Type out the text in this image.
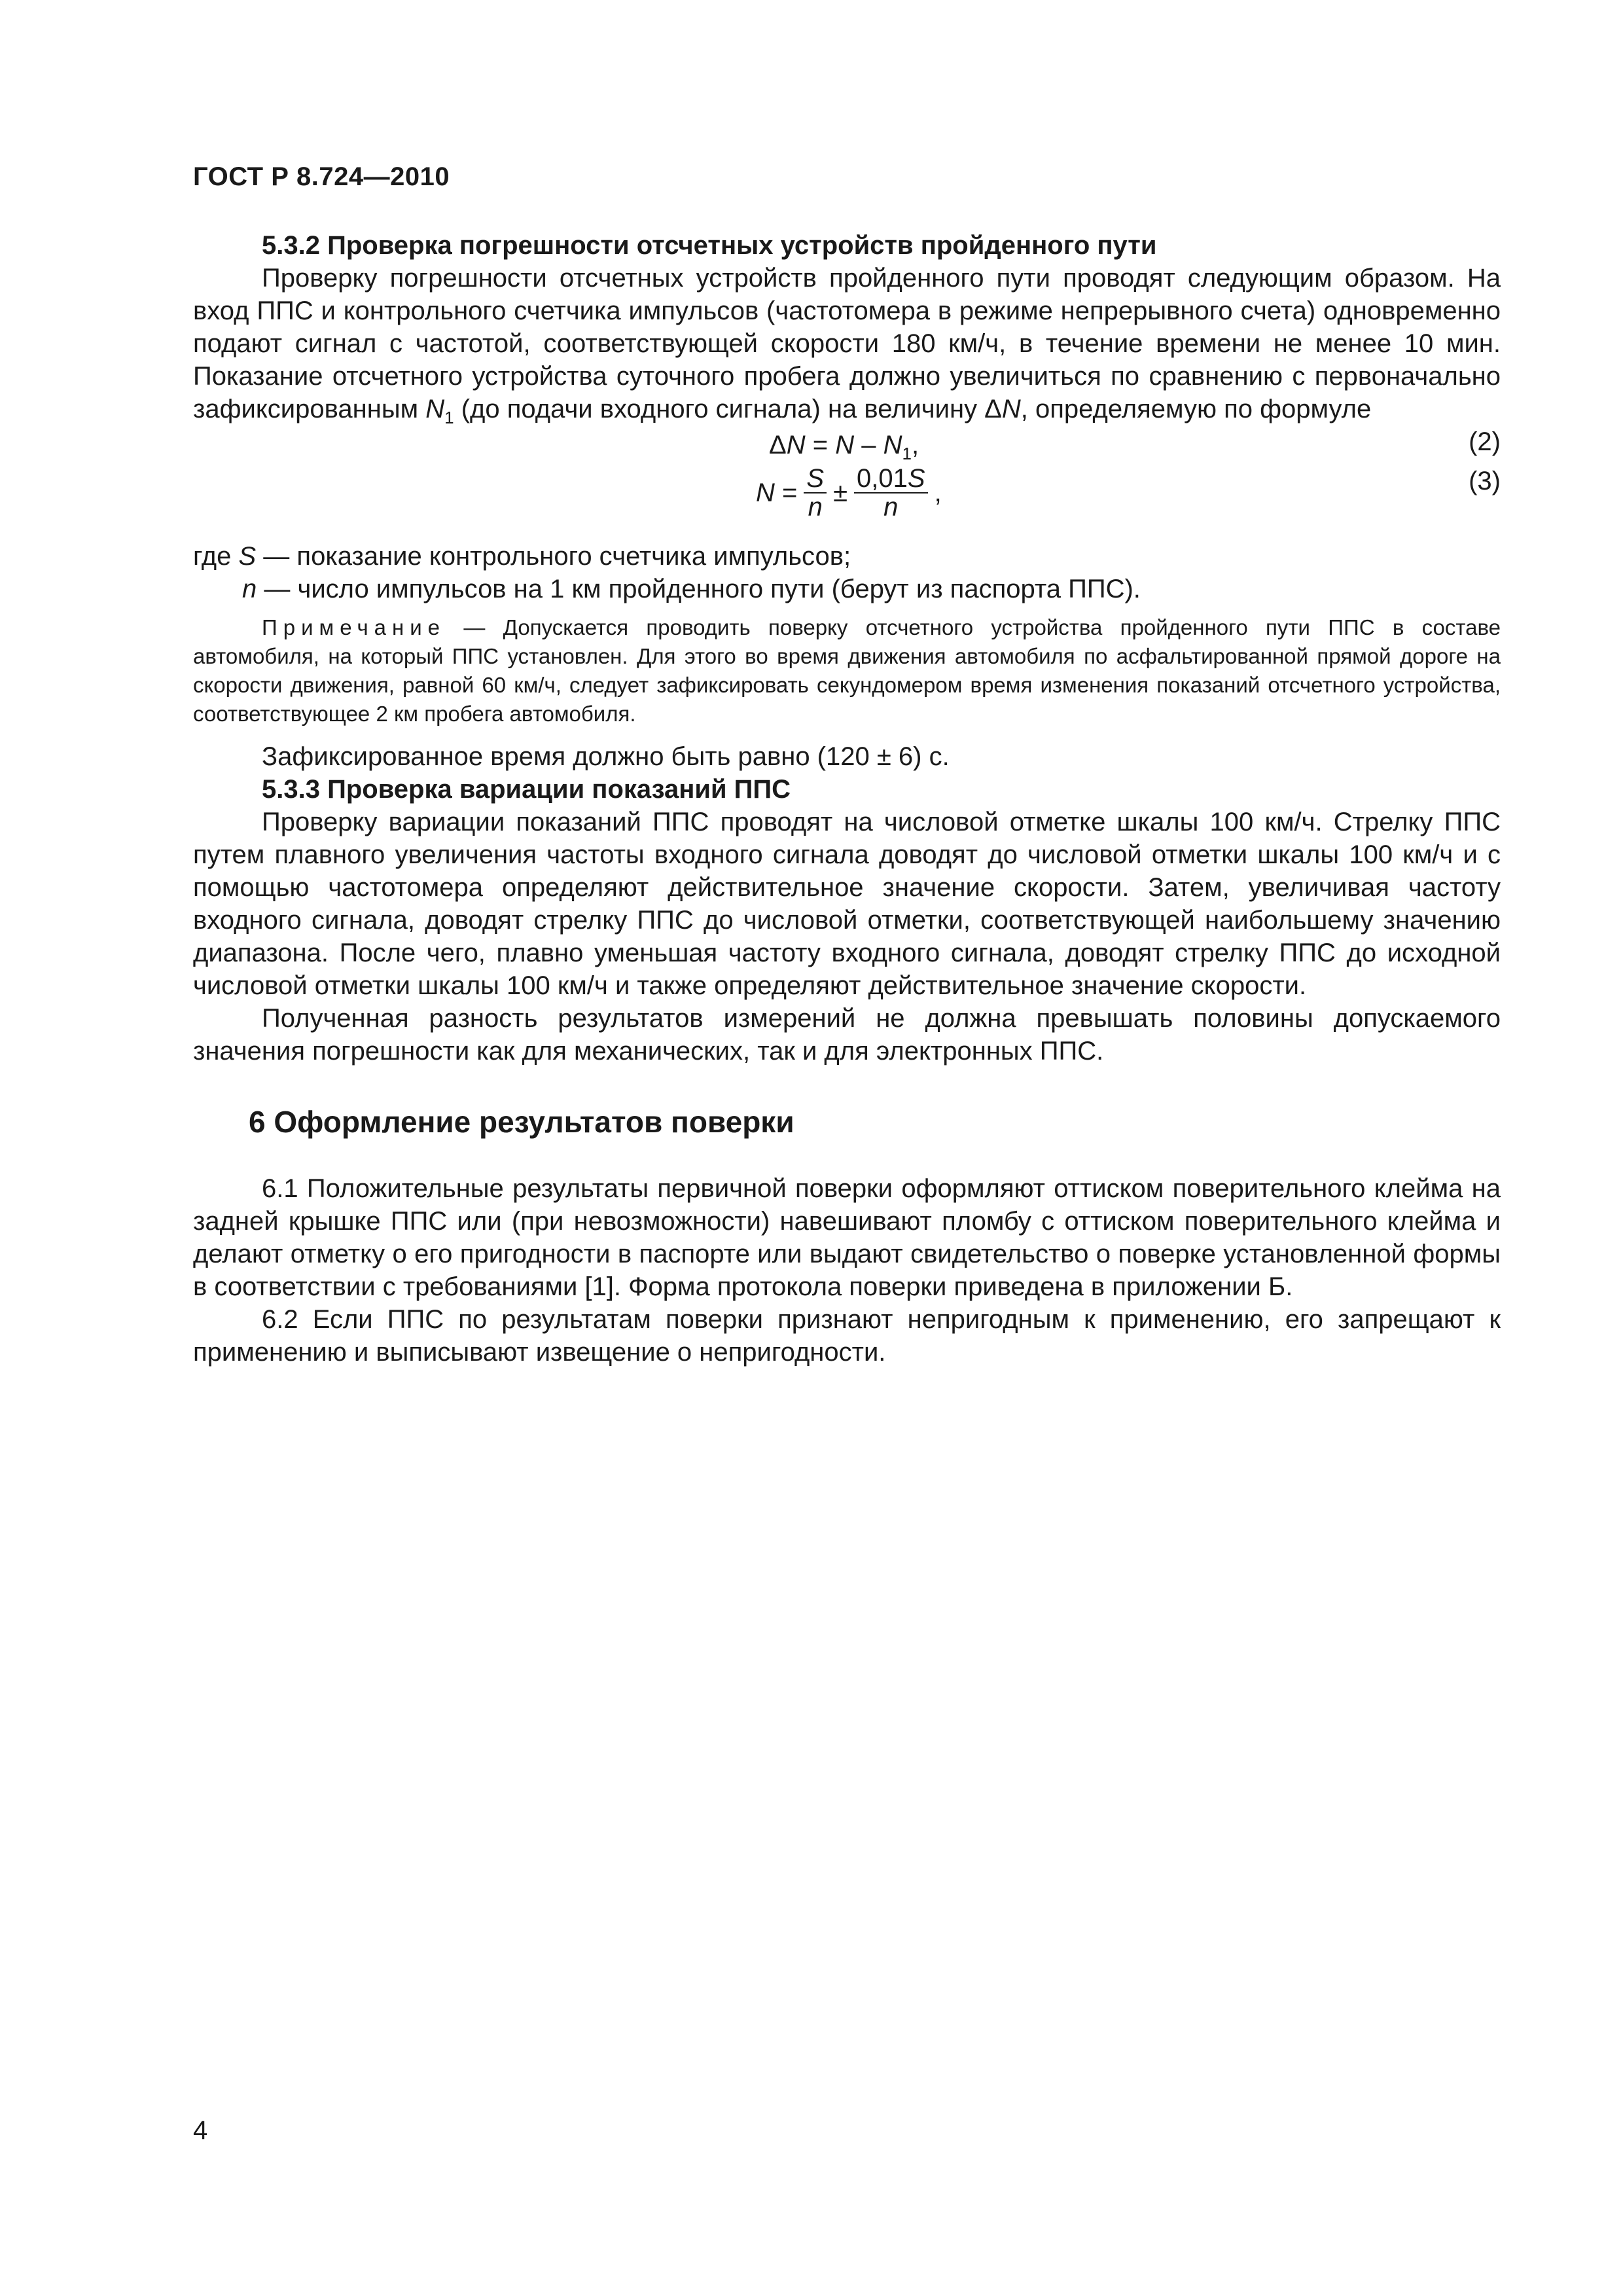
ГОСТ Р 8.724—2010

5.3.2 Проверка погрешности отсчетных устройств пройденного пути

Проверку погрешности отсчетных устройств пройденного пути проводят следующим образом. На вход ППС и контрольного счетчика импульсов (частотомера в режиме непрерывного счета) одновременно подают сигнал с частотой, соответствующей скорости 180 км/ч, в течение времени не менее 10 мин. Показание отсчетного устройства суточного пробега должно увеличиться по сравнению с первоначально зафиксированным $N_1$ (до подачи входного сигнала) на величину ΔN, определяемую по формуле

$\Delta N = N - N_1$,	(2)
$N = \frac{S}{n} \pm \frac{0,01S}{n}$ ,	(3)

где S — показание контрольного счетчика импульсов;

n — число импульсов на 1 км пройденного пути (берут из паспорта ППС).

Примечание — Допускается проводить поверку отсчетного устройства пройденного пути ППС в составе автомобиля, на который ППС установлен. Для этого во время движения автомобиля по асфальтированной прямой дороге на скорости движения, равной 60 км/ч, следует зафиксировать секундомером время изменения показаний отсчетного устройства, соответствующее 2 км пробега автомобиля.

Зафиксированное время должно быть равно (120 ± 6) с.

5.3.3 Проверка вариации показаний ППС

Проверку вариации показаний ППС проводят на числовой отметке шкалы 100 км/ч. Стрелку ППС путем плавного увеличения частоты входного сигнала доводят до числовой отметки шкалы 100 км/ч и с помощью частотомера определяют действительное значение скорости. Затем, увеличивая частоту входного сигнала, доводят стрелку ППС до числовой отметки, соответствующей наибольшему значению диапазона. После чего, плавно уменьшая частоту входного сигнала, доводят стрелку ППС до исходной числовой отметки шкалы 100 км/ч и также определяют действительное значение скорости.

Полученная разность результатов измерений не должна превышать половины допускаемого значения погрешности как для механических, так и для электронных ППС.

6 Оформление результатов поверки

6.1 Положительные результаты первичной поверки оформляют оттиском поверительного клейма на задней крышке ППС или (при невозможности) навешивают пломбу с оттиском поверительного клейма и делают отметку о его пригодности в паспорте или выдают свидетельство о поверке установленной формы в соответствии с требованиями [1]. Форма протокола поверки приведена в приложении Б.

6.2 Если ППС по результатам поверки признают непригодным к применению, его запрещают к применению и выписывают извещение о непригодности.

4
